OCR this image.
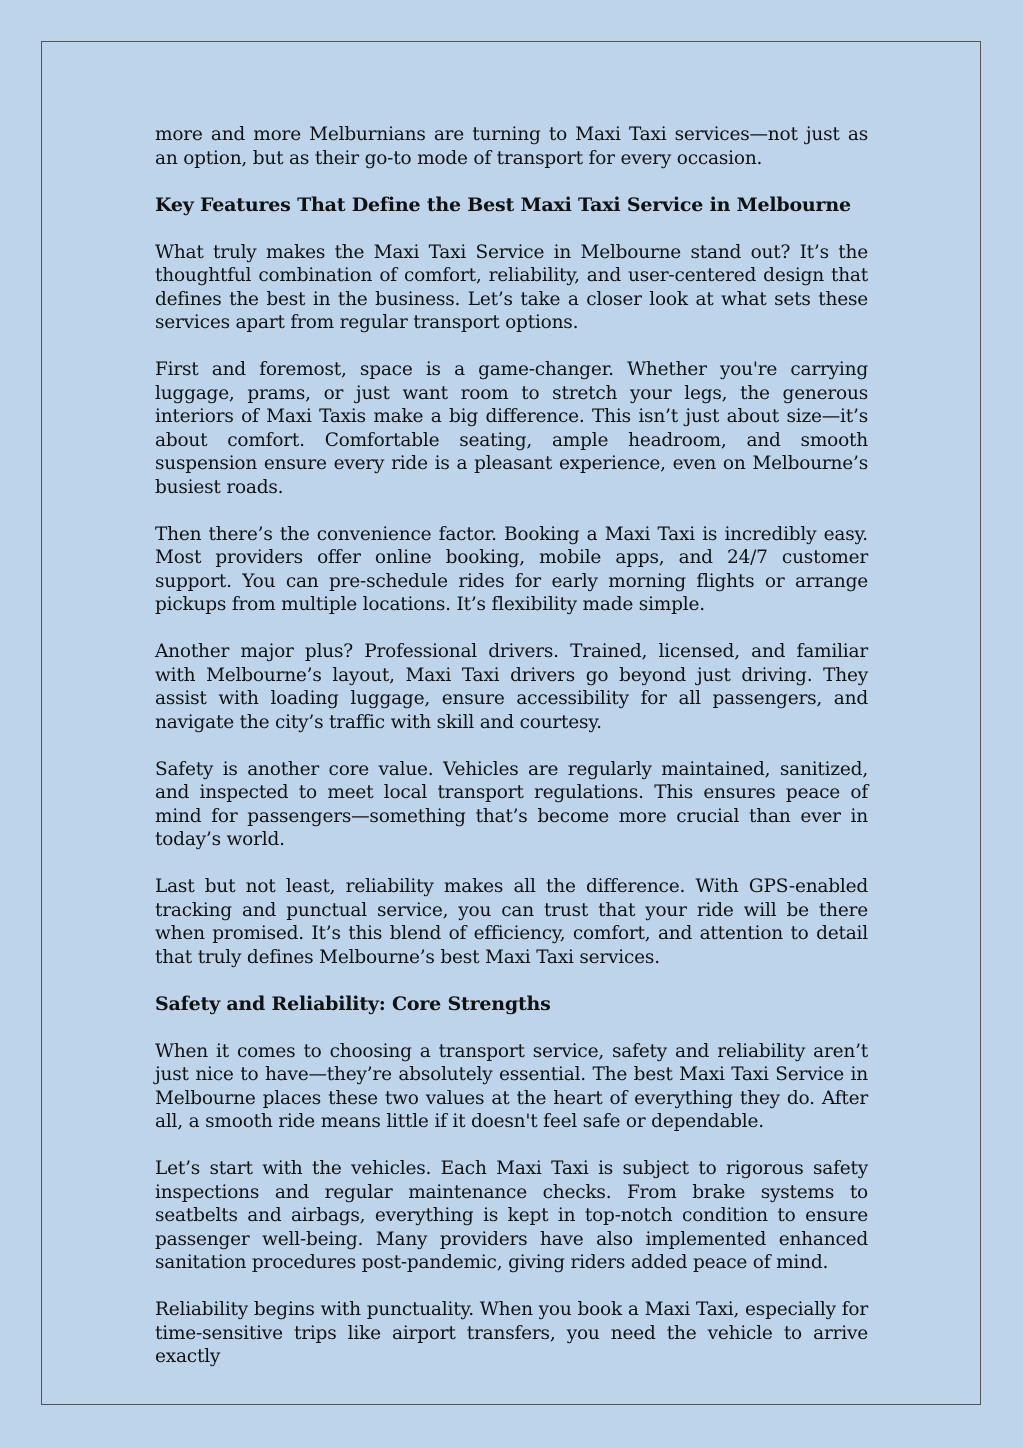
more and more Melburnians are turning to Maxi Taxi services—not just as an option, but as their go-to mode of transport for every occasion.

Key Features That Define the Best Maxi Taxi Service in Melbourne

What truly makes the Maxi Taxi Service in Melbourne stand out? It’s the thoughtful combination of comfort, reliability, and user-centered design that defines the best in the business. Let’s take a closer look at what sets these services apart from regular transport options.

First and foremost, space is a game-changer. Whether you're carrying luggage, prams, or just want room to stretch your legs, the generous interiors of Maxi Taxis make a big difference. This isn’t just about size—it’s about comfort. Comfortable seating, ample headroom, and smooth suspension ensure every ride is a pleasant experience, even on Melbourne’s busiest roads.

Then there’s the convenience factor. Booking a Maxi Taxi is incredibly easy. Most providers offer online booking, mobile apps, and 24/7 customer support. You can pre-schedule rides for early morning flights or arrange pickups from multiple locations. It’s flexibility made simple.

Another major plus? Professional drivers. Trained, licensed, and familiar with Melbourne’s layout, Maxi Taxi drivers go beyond just driving. They assist with loading luggage, ensure accessibility for all passengers, and navigate the city’s traffic with skill and courtesy.

Safety is another core value. Vehicles are regularly maintained, sanitized, and inspected to meet local transport regulations. This ensures peace of mind for passengers—something that’s become more crucial than ever in today’s world.

Last but not least, reliability makes all the difference. With GPS-enabled tracking and punctual service, you can trust that your ride will be there when promised. It’s this blend of efficiency, comfort, and attention to detail that truly defines Melbourne’s best Maxi Taxi services.

Safety and Reliability: Core Strengths

When it comes to choosing a transport service, safety and reliability aren’t just nice to have—they’re absolutely essential. The best Maxi Taxi Service in Melbourne places these two values at the heart of everything they do. After all, a smooth ride means little if it doesn't feel safe or dependable.

Let’s start with the vehicles. Each Maxi Taxi is subject to rigorous safety inspections and regular maintenance checks. From brake systems to seatbelts and airbags, everything is kept in top-notch condition to ensure passenger well-being. Many providers have also implemented enhanced sanitation procedures post-pandemic, giving riders added peace of mind.

Reliability begins with punctuality. When you book a Maxi Taxi, especially for time-sensitive trips like airport transfers, you need the vehicle to arrive exactly
